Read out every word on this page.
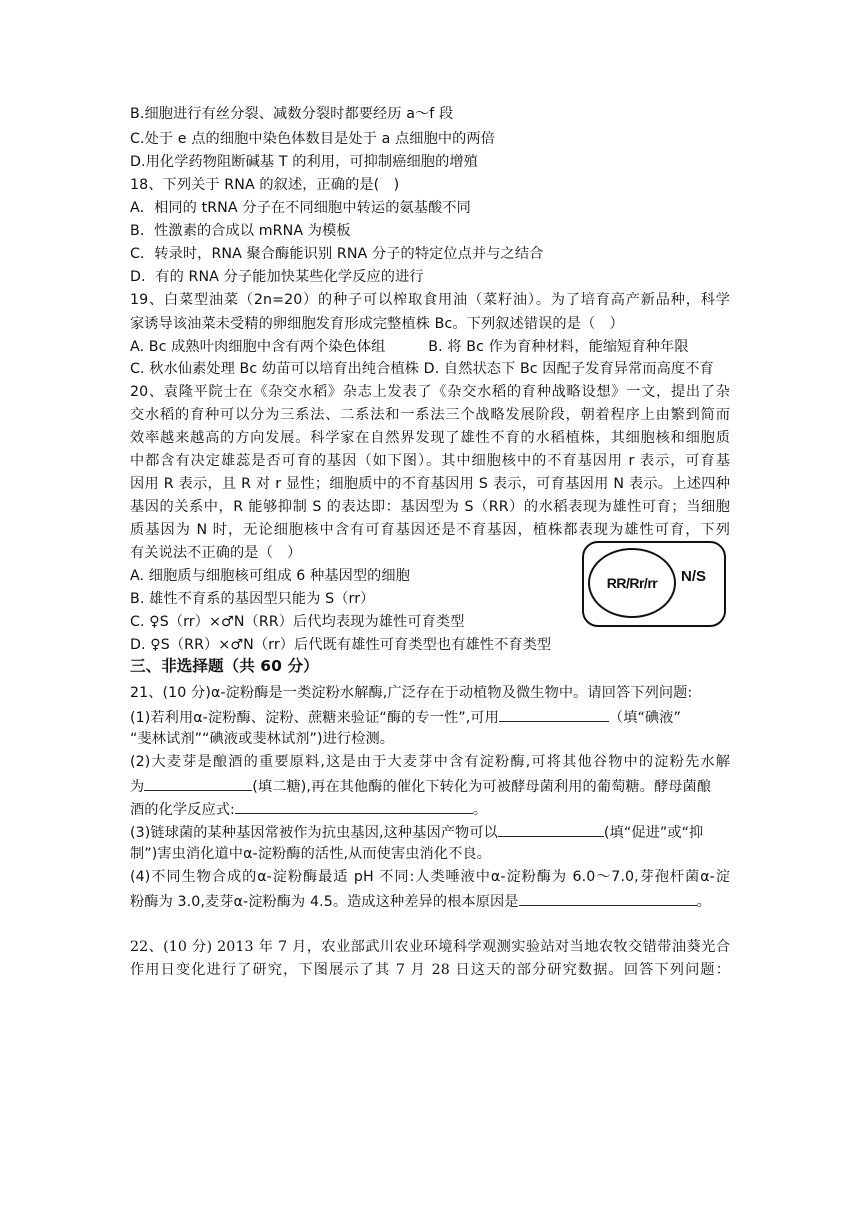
B.细胞进行有丝分裂、减数分裂时都要经历 a～f 段
C.处于 e 点的细胞中染色体数目是处于 a 点细胞中的两倍
D.用化学药物阻断碱基 T 的利用，可抑制癌细胞的增殖
18、下列关于 RNA 的叙述，正确的是(　)
A．相同的 tRNA 分子在不同细胞中转运的氨基酸不同
B．性激素的合成以 mRNA 为模板
C．转录时，RNA 聚合酶能识别 RNA 分子的特定位点并与之结合
D．有的 RNA 分子能加快某些化学反应的进行
19、白菜型油菜（2n=20）的种子可以榨取食用油（菜籽油）。为了培育高产新品种，科学
家诱导该油菜未受精的卵细胞发育形成完整植株 Bc。下列叙述错误的是（　）
A. Bc 成熟叶肉细胞中含有两个染色体组　　　B. 将 Bc 作为育种材料，能缩短育种年限
C. 秋水仙素处理 Bc 幼苗可以培育出纯合植株 D. 自然状态下 Bc 因配子发育异常而高度不育
20、袁隆平院士在《杂交水稻》杂志上发表了《杂交水稻的育种战略设想》一文，提出了杂
交水稻的育种可以分为三系法、二系法和一系法三个战略发展阶段，朝着程序上由繁到简而
效率越来越高的方向发展。科学家在自然界发现了雄性不育的水稻植株，其细胞核和细胞质
中都含有决定雄蕊是否可育的基因（如下图）。其中细胞核中的不育基因用 r 表示，可育基
因用 R 表示，且 R 对 r 显性；细胞质中的不育基因用 S 表示，可育基因用 N 表示。上述四种
基因的关系中，R 能够抑制 S 的表达即：基因型为 S（RR）的水稻表现为雄性可育；当细胞
质基因为 N 时，无论细胞核中含有可育基因还是不育基因，植株都表现为雄性可育，下列
有关说法不正确的是（　）
A. 细胞质与细胞核可组成 6 种基因型的细胞
B. 雄性不育系的基因型只能为 S（rr）
C. ♀S（rr）×♂N（RR）后代均表现为雄性可育类型
D. ♀S（RR）×♂N（rr）后代既有雄性可育类型也有雄性不育类型
RR/Rr/rr N/S
三、非选择题（共 60 分）
21、(10 分)α-淀粉酶是一类淀粉水解酶,广泛存在于动植物及微生物中。请回答下列问题:
(1)若利用α-淀粉酶、淀粉、蔗糖来验证“酶的专一性”,可用	（填“碘液”
“斐林试剂”“碘液或斐林试剂”)进行检测。
(2)大麦芽是酿酒的重要原料,这是由于大麦芽中含有淀粉酶,可将其他谷物中的淀粉先水解
为	(填二糖),再在其他酶的催化下转化为可被酵母菌利用的葡萄糖。酵母菌酿
酒的化学反应式:	。
(3)链球菌的某种基因常被作为抗虫基因,这种基因产物可以	(填“促进”或“抑
制”)害虫消化道中α-淀粉酶的活性,从而使害虫消化不良。
(4)不同生物合成的α-淀粉酶最适 pH 不同:人类唾液中α-淀粉酶为 6.0～7.0,芽孢杆菌α-淀
粉酶为 3.0,麦芽α-淀粉酶为 4.5。造成这种差异的根本原因是	。
22、(10 分) 2013 年 7 月，农业部武川农业环境科学观测实验站对当地农牧交错带油葵光合
作用日变化进行了研究，下图展示了其 7 月 28 日这天的部分研究数据。回答下列问题：
